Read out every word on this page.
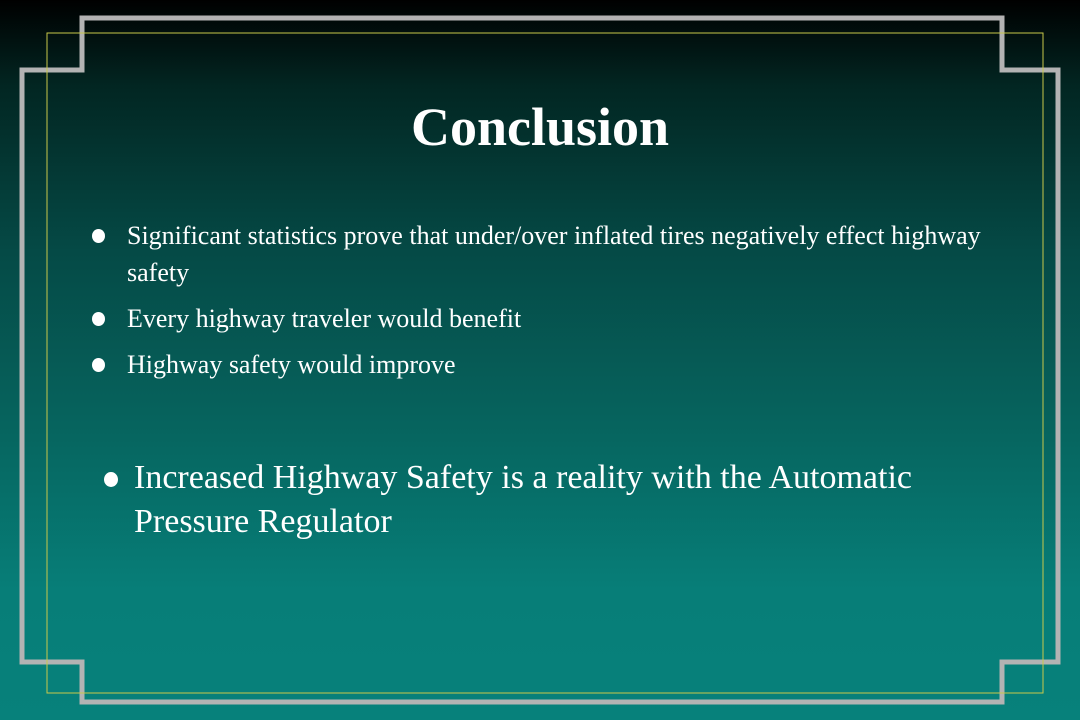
Conclusion
Significant statistics prove that under/over inflated tires negatively effect highway safety
Every highway traveler would benefit
Highway safety would improve
Increased Highway Safety is a reality with the Automatic Pressure Regulator
